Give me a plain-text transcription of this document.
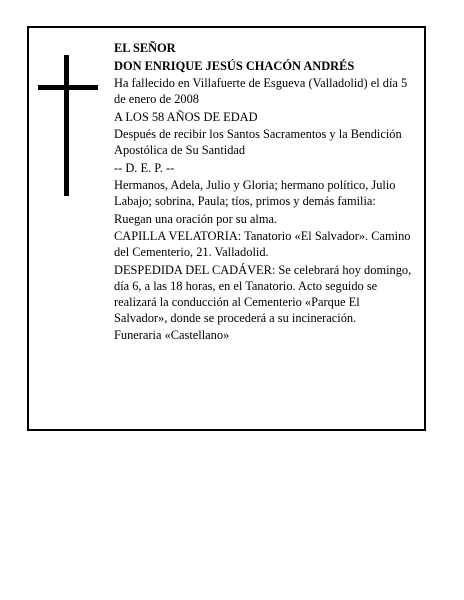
EL SEÑOR

DON ENRIQUE JESÚS CHACÓN ANDRÉS

Ha fallecido en Villafuerte de Esgueva (Valladolid) el día 5 de enero de 2008

A LOS 58 AÑOS DE EDAD

Después de recibir los Santos Sacramentos y la Bendición Apostólica de Su Santidad

-- D. E. P. --

Hermanos, Adela, Julio y Gloria; hermano político, Julio Labajo; sobrina, Paula; tíos, primos y demás familia:

Ruegan una oración por su alma.

CAPILLA VELATORIA: Tanatorio «El Salvador». Camino del Cementerio, 21. Valladolid.

DESPEDIDA DEL CADÁVER: Se celebrará hoy domingo, día 6, a las 18 horas, en el Tanatorio. Acto seguido se realizará la conducción al Cementerio «Parque El Salvador», donde se procederá a su incineración.

Funeraria «Castellano»
